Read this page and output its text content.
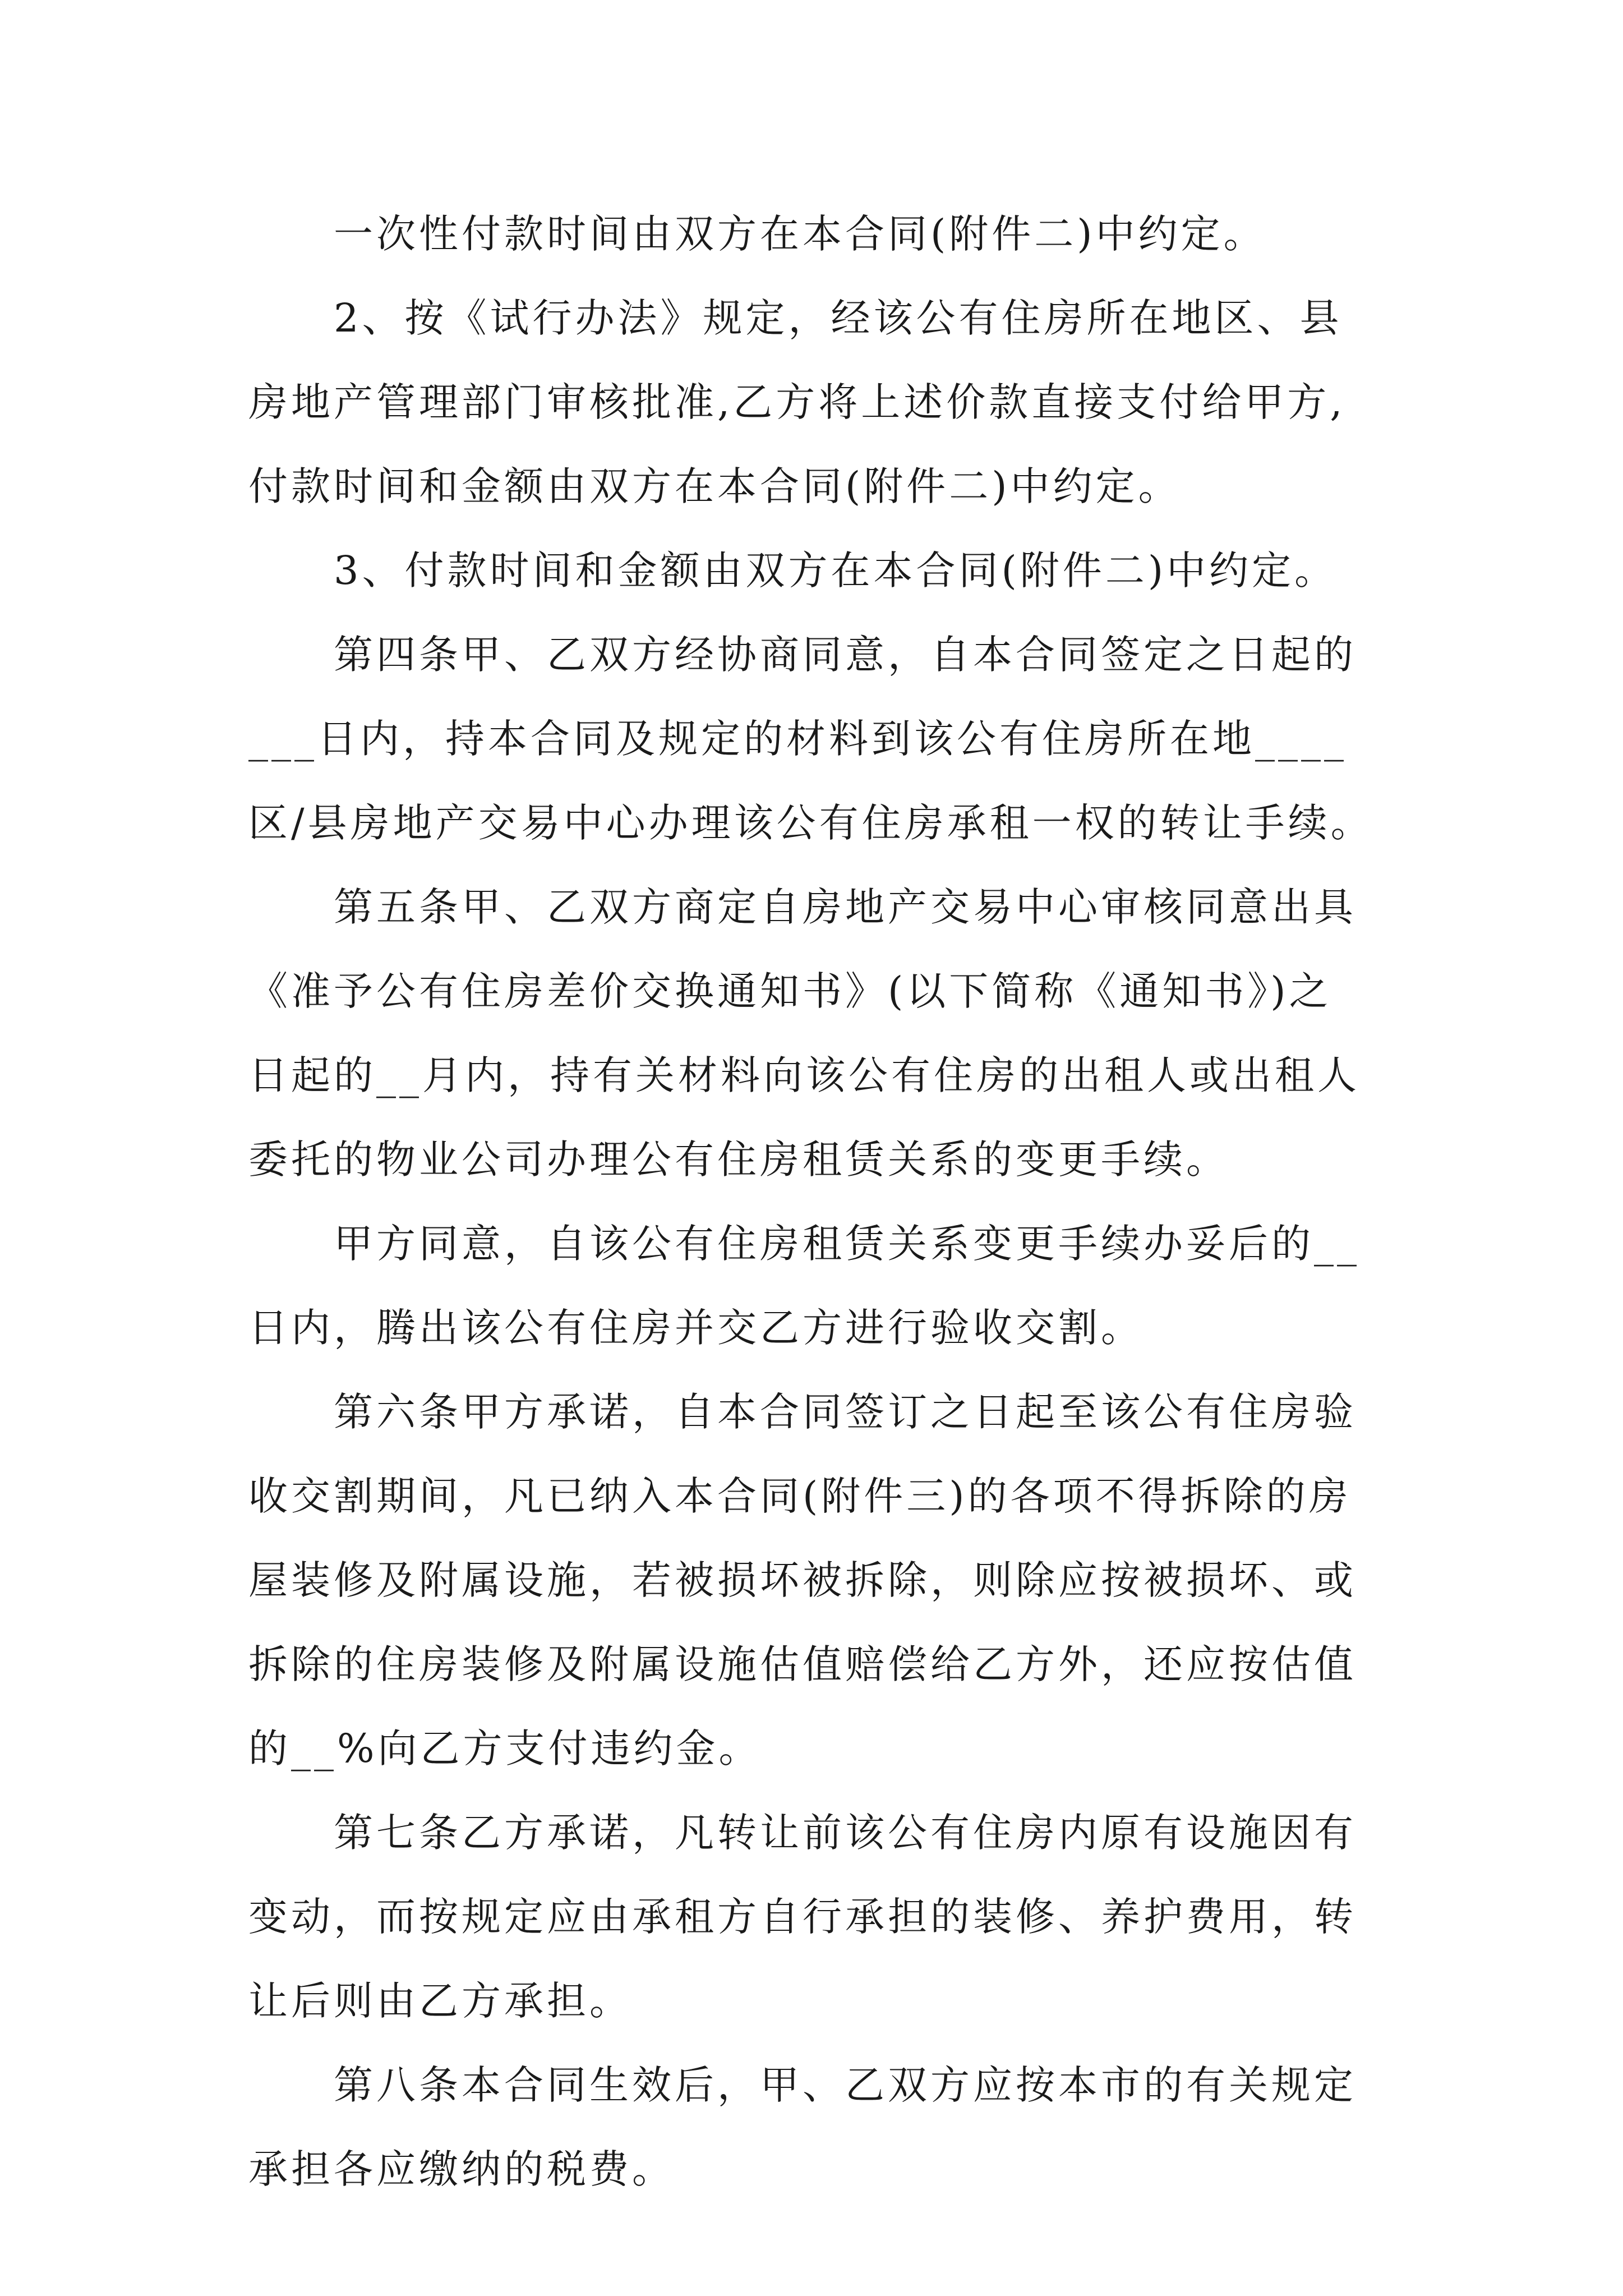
一次性付款时间由双方在本合同(附件二)中约定。
2、按《试行办法》规定，经该公有住房所在地区、县
房地产管理部门审核批准,乙方将上述价款直接支付给甲方,
付款时间和金额由双方在本合同(附件二)中约定。
3、付款时间和金额由双方在本合同(附件二)中约定。
第四条甲、乙双方经协商同意，自本合同签定之日起的
___日内，持本合同及规定的材料到该公有住房所在地____
区/县房地产交易中心办理该公有住房承租一权的转让手续。
第五条甲、乙双方商定自房地产交易中心审核同意出具
《准予公有住房差价交换通知书》(以下简称《通知书》)之
日起的__月内，持有关材料向该公有住房的出租人或出租人
委托的物业公司办理公有住房租赁关系的变更手续。
甲方同意，自该公有住房租赁关系变更手续办妥后的__
日内，腾出该公有住房并交乙方进行验收交割。
第六条甲方承诺，自本合同签订之日起至该公有住房验
收交割期间，凡已纳入本合同(附件三)的各项不得拆除的房
屋装修及附属设施，若被损坏被拆除，则除应按被损坏、或
拆除的住房装修及附属设施估值赔偿给乙方外，还应按估值
的__%向乙方支付违约金。
第七条乙方承诺，凡转让前该公有住房内原有设施因有
变动，而按规定应由承租方自行承担的装修、养护费用，转
让后则由乙方承担。
第八条本合同生效后，甲、乙双方应按本市的有关规定
承担各应缴纳的税费。
